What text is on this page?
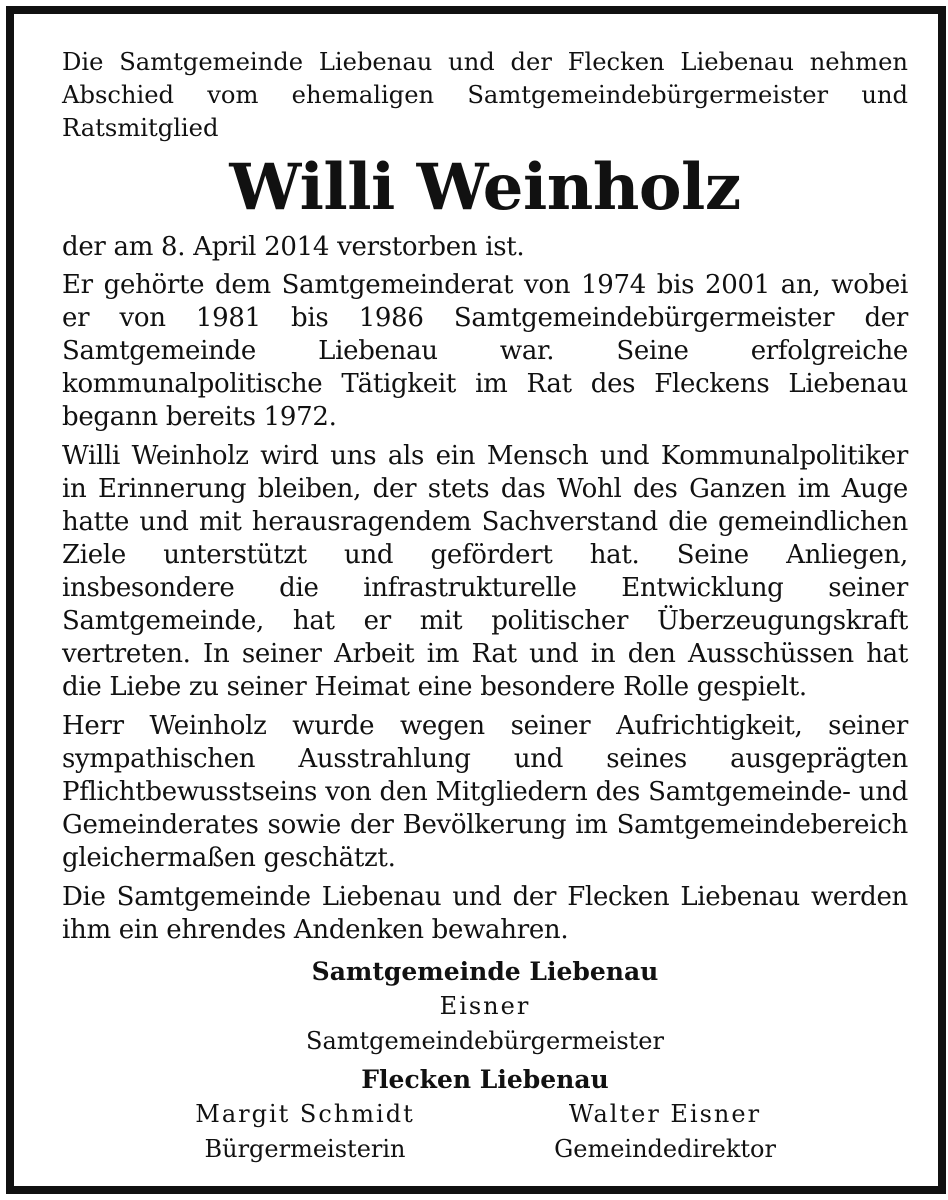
Die Samtgemeinde Liebenau und der Flecken Liebenau nehmen Abschied vom ehemaligen Samtgemeindebürgermeister und Ratsmitglied

Willi Weinholz

der am 8. April 2014 verstorben ist.

Er gehörte dem Samtgemeinderat von 1974 bis 2001 an, wobei er von 1981 bis 1986 Samtgemeindebürgermeister der Samtgemeinde Liebenau war. Seine erfolgreiche kommunalpolitische Tätigkeit im Rat des Fleckens Liebenau begann bereits 1972.

Willi Weinholz wird uns als ein Mensch und Kommunalpolitiker in Erinnerung bleiben, der stets das Wohl des Ganzen im Auge hatte und mit herausragendem Sachverstand die gemeindlichen Ziele unterstützt und gefördert hat. Seine Anliegen, insbesondere die infrastrukturelle Entwicklung seiner Samtgemeinde, hat er mit politischer Überzeugungskraft vertreten. In seiner Arbeit im Rat und in den Ausschüssen hat die Liebe zu seiner Heimat eine besondere Rolle gespielt.

Herr Weinholz wurde wegen seiner Aufrichtigkeit, seiner sympathischen Ausstrahlung und seines ausgeprägten Pflichtbewusstseins von den Mitgliedern des Samtgemeinde- und Gemeinderates sowie der Bevölkerung im Samtgemeindebereich gleichermaßen geschätzt.

Die Samtgemeinde Liebenau und der Flecken Liebenau werden ihm ein ehrendes Andenken bewahren.

Samtgemeinde Liebenau

Eisner

Samtgemeindebürgermeister

Flecken Liebenau

Margit Schmidt

Bürgermeisterin

Walter Eisner

Gemeindedirektor
